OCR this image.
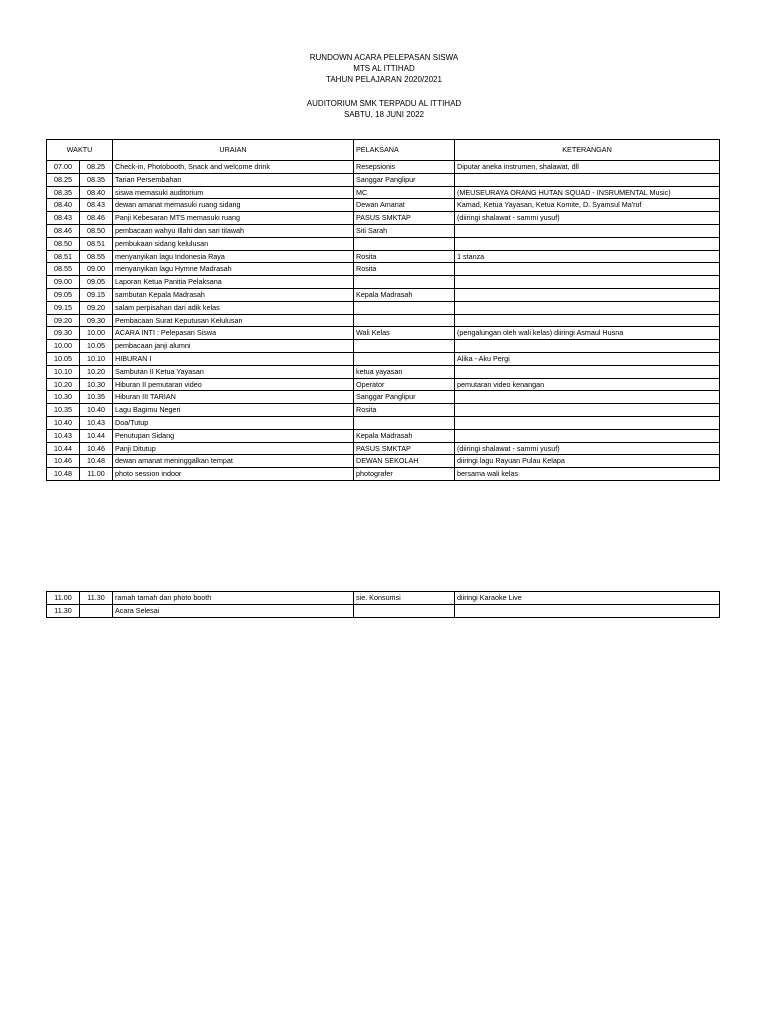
RUNDOWN ACARA PELEPASAN SISWA
MTS AL ITTIHAD
TAHUN PELAJARAN 2020/2021
AUDITORIUM SMK TERPADU AL ITTIHAD
SABTU, 18 JUNI 2022
WAKTU		URAIAN	PELAKSANA	KETERANGAN
07.00	08.25	Check-in, Photobooth, Snack and welcome drink	Resepsionis	Diputar aneka instrumen, shalawat, dll
08.25	08.35	Tarian Persembahan	Sanggar Panglipur	
08.35	08.40	siswa memasuki auditorium	MC	(MEUSEURAYA ORANG HUTAN SQUAD - INSRUMENTAL Music)
08.40	08.43	dewan amanat memasuki ruang sidang	Dewan Amanat	Kamad, Ketua Yayasan, Ketua Komite, D. Syamsul Ma'ruf
08.43	08.46	Panji Kebesaran MTS memasuki ruang	PASUS SMKTAP	(diiringi shalawat - sammi yusuf)
08.46	08.50	pembacaan wahyu Illahi dan sari tilawah	Siti Sarah	
08.50	08.51	pembukaan sidang kelulusan		
08.51	08.55	menyanyikan lagu Indonesia Raya	Rosita	1 stanza
08.55	09.00	menyanyikan lagu Hymne Madrasah	Rosita	
09.00	09.05	Laporan Ketua Panitia Pelaksana		
09.05	09.15	sambutan Kepala Madrasah	Kepala Madrasah	
09.15	09.20	salam perpisahan dari adik kelas		
09.20	09.30	Pembacaan Surat Keputusan Kelulusan		
09.30	10.00	ACARA INTI : Pelepasan Siswa	Wali Kelas	(pengalungan oleh wali kelas) diiringi Asmaul Husna
10.00	10.05	pembacaan janji alumni		
10.05	10.10	HIBURAN I		Alika - Aku Pergi
10.10	10.20	Sambutan II Ketua Yayasan	ketua yayasan	
10.20	10.30	Hiburan II pemutaran video	Operator	pemutaran video kenangan
10.30	10.35	Hiburan III TARIAN	Sanggar Panglipur	
10.35	10.40	Lagu Bagimu Negeri	Rosita	
10.40	10.43	Doa/Tutup		
10.43	10.44	Penutupan Sidang	Kepala Madrasah	
10.44	10.46	Panji Ditutup	PASUS SMKTAP	(diiringi shalawat - sammi yusuf)
10.46	10.48	dewan amanat meninggalkan tempat	DEWAN SEKOLAH	diiringi lagu Rayuan Pulau Kelapa
10.48	11.00	photo session indoor	photografer	bersama wali kelas
11.00	11.30	ramah tamah dan photo booth	sie. Konsumsi	diiringi Karaoke Live
11.30		Acara Selesai		
